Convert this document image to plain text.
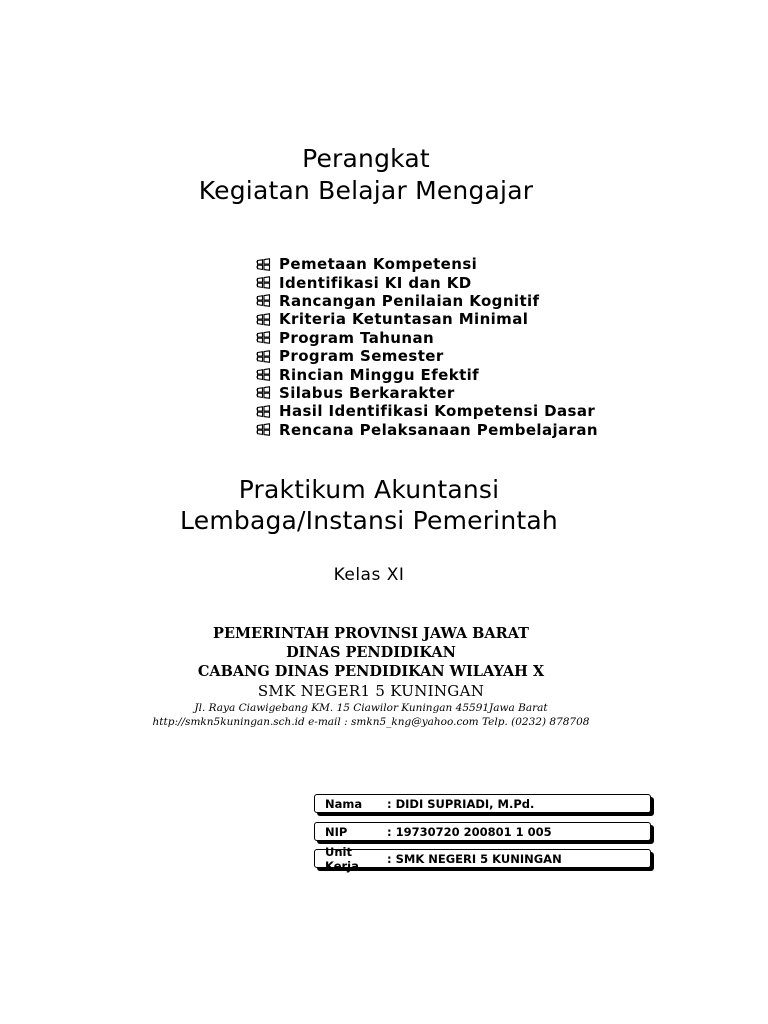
Perangkat
Kegiatan Belajar Mengajar
Pemetaan Kompetensi
Identifikasi KI dan KD
Rancangan Penilaian Kognitif
Kriteria Ketuntasan Minimal
Program Tahunan
Program Semester
Rincian Minggu Efektif
Silabus Berkarakter
Hasil Identifikasi Kompetensi Dasar
Rencana Pelaksanaan Pembelajaran
Praktikum Akuntansi
Lembaga/Instansi Pemerintah
Kelas XI
PEMERINTAH PROVINSI JAWA BARAT
DINAS PENDIDIKAN
CABANG DINAS PENDIDIKAN WILAYAH X
SMK NEGER1 5 KUNINGAN
Jl. Raya Ciawigebang KM. 15 Ciawilor Kuningan 45591Jawa Barat
http://smkn5kuningan.sch.id e-mail : smkn5_kng@yahoo.com Telp. (0232) 878708
Nama	: DIDI SUPRIADI, M.Pd.
NIP	: 19730720 200801 1 005
Unit Kerja	: SMK NEGERI 5 KUNINGAN
